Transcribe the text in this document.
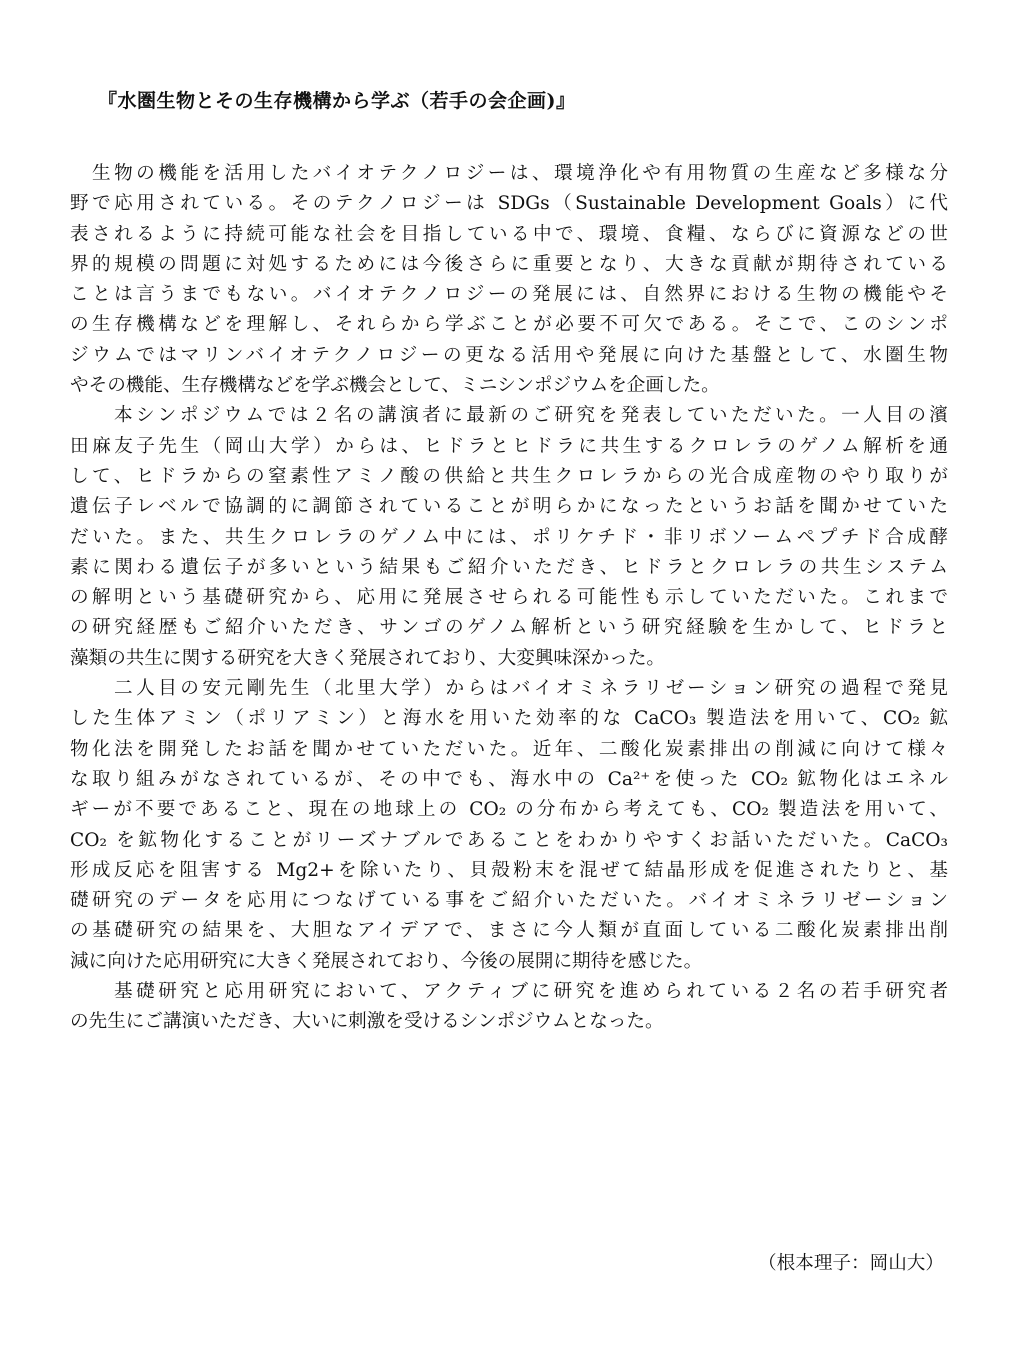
『水圏生物とその生存機構から学ぶ（若手の会企画)』
生物の機能を活用したバイオテクノロジーは、環境浄化や有用物質の生産など多様な分
野で応用されている。そのテクノロジーは SDGs（Sustainable Development Goals）に代
表されるように持続可能な社会を目指している中で、環境、食糧、ならびに資源などの世
界的規模の問題に対処するためには今後さらに重要となり、大きな貢献が期待されている
ことは言うまでもない。バイオテクノロジーの発展には、自然界における生物の機能やそ
の生存機構などを理解し、それらから学ぶことが必要不可欠である。そこで、このシンポ
ジウムではマリンバイオテクノロジーの更なる活用や発展に向けた基盤として、水圏生物
やその機能、生存機構などを学ぶ機会として、ミニシンポジウムを企画した。
本シンポジウムでは２名の講演者に最新のご研究を発表していただいた。一人目の濱
田麻友子先生（岡山大学）からは、ヒドラとヒドラに共生するクロレラのゲノム解析を通
して、ヒドラからの窒素性アミノ酸の供給と共生クロレラからの光合成産物のやり取りが
遺伝子レベルで協調的に調節されていることが明らかになったというお話を聞かせていた
だいた。また、共生クロレラのゲノム中には、ポリケチド・非リボソームペプチド合成酵
素に関わる遺伝子が多いという結果もご紹介いただき、ヒドラとクロレラの共生システム
の解明という基礎研究から、応用に発展させられる可能性も示していただいた。これまで
の研究経歴もご紹介いただき、サンゴのゲノム解析という研究経験を生かして、ヒドラと
藻類の共生に関する研究を大きく発展されており、大変興味深かった。
二人目の安元剛先生（北里大学）からはバイオミネラリゼーション研究の過程で発見
した生体アミン（ポリアミン）と海水を用いた効率的な CaCO₃ 製造法を用いて、CO₂ 鉱
物化法を開発したお話を聞かせていただいた。近年、二酸化炭素排出の削減に向けて様々
な取り組みがなされているが、その中でも、海水中の Ca²⁺を使った CO₂ 鉱物化はエネル
ギーが不要であること、現在の地球上の CO₂ の分布から考えても、CO₂ 製造法を用いて、
CO₂ を鉱物化することがリーズナブルであることをわかりやすくお話いただいた。CaCO₃
形成反応を阻害する Mg2+を除いたり、貝殻粉末を混ぜて結晶形成を促進されたりと、基
礎研究のデータを応用につなげている事をご紹介いただいた。バイオミネラリゼーション
の基礎研究の結果を、大胆なアイデアで、まさに今人類が直面している二酸化炭素排出削
減に向けた応用研究に大きく発展されており、今後の展開に期待を感じた。
基礎研究と応用研究において、アクティブに研究を進められている２名の若手研究者
の先生にご講演いただき、大いに刺激を受けるシンポジウムとなった。
（根本理子：岡山大）
